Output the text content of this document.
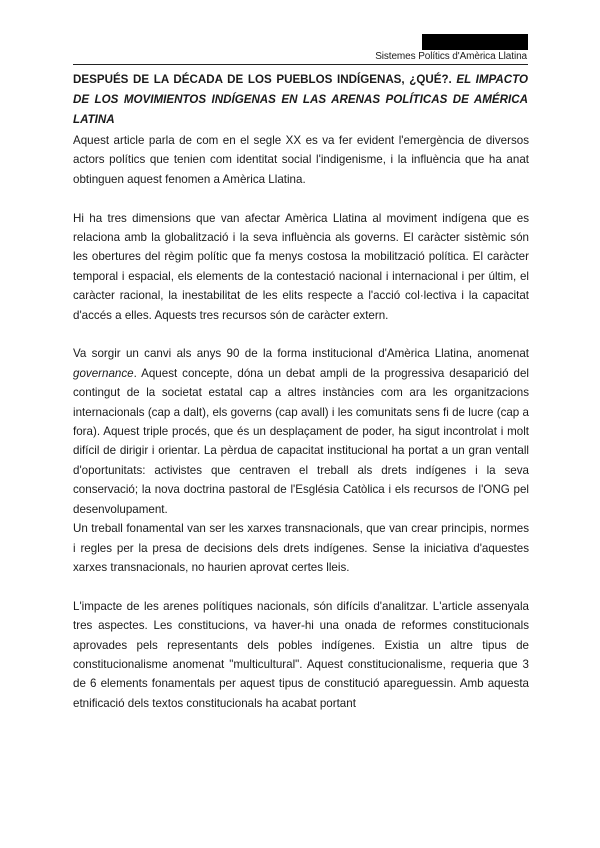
Sistemes Polítics d'Amèrica Llatina
DESPUÉS DE LA DÉCADA DE LOS PUEBLOS INDÍGENAS, ¿QUÉ?. EL IMPACTO DE LOS MOVIMIENTOS INDÍGENAS EN LAS ARENAS POLÍTICAS DE AMÉRICA LATINA

Aquest article parla de com en el segle XX es va fer evident l'emergència de diversos actors polítics que tenien com identitat social l'indigenisme, i la influència que ha anat obtinguen aquest fenomen a Amèrica Llatina.

Hi ha tres dimensions que van afectar Amèrica Llatina al moviment indígena que es relaciona amb la globalització i la seva influència als governs. El caràcter sistèmic són les obertures del règim polític que fa menys costosa la mobilització política. El caràcter temporal i espacial, els elements de la contestació nacional i internacional i per últim, el caràcter racional, la inestabilitat de les elits respecte a l'acció col·lectiva i la capacitat d'accés a elles. Aquests tres recursos són de caràcter extern.

Va sorgir un canvi als anys 90 de la forma institucional d'Amèrica Llatina, anomenat governance. Aquest concepte, dóna un debat ampli de la progressiva desaparició del contingut de la societat estatal cap a altres instàncies com ara les organitzacions internacionals (cap a dalt), els governs (cap avall) i les comunitats sens fi de lucre (cap a fora). Aquest triple procés, que és un desplaçament de poder, ha sigut incontrolat i molt difícil de dirigir i orientar. La pèrdua de capacitat institucional ha portat a un gran ventall d'oportunitats: activistes que centraven el treball als drets indígenes i la seva conservació; la nova doctrina pastoral de l'Església Catòlica i els recursos de l'ONG pel desenvolupament.

Un treball fonamental van ser les xarxes transnacionals, que van crear principis, normes i regles per la presa de decisions dels drets indígenes. Sense la iniciativa d'aquestes xarxes transnacionals, no haurien aprovat certes lleis.

L'impacte de les arenes polítiques nacionals, són difícils d'analitzar. L'article assenyala tres aspectes. Les constitucions, va haver-hi una onada de reformes constitucionals aprovades pels representants dels pobles indígenes. Existia un altre tipus de constitucionalisme anomenat "multicultural". Aquest constitucionalisme, requeria que 3 de 6 elements fonamentals per aquest tipus de constitució apareguessin. Amb aquesta etnificació dels textos constitucionals ha acabat portant
